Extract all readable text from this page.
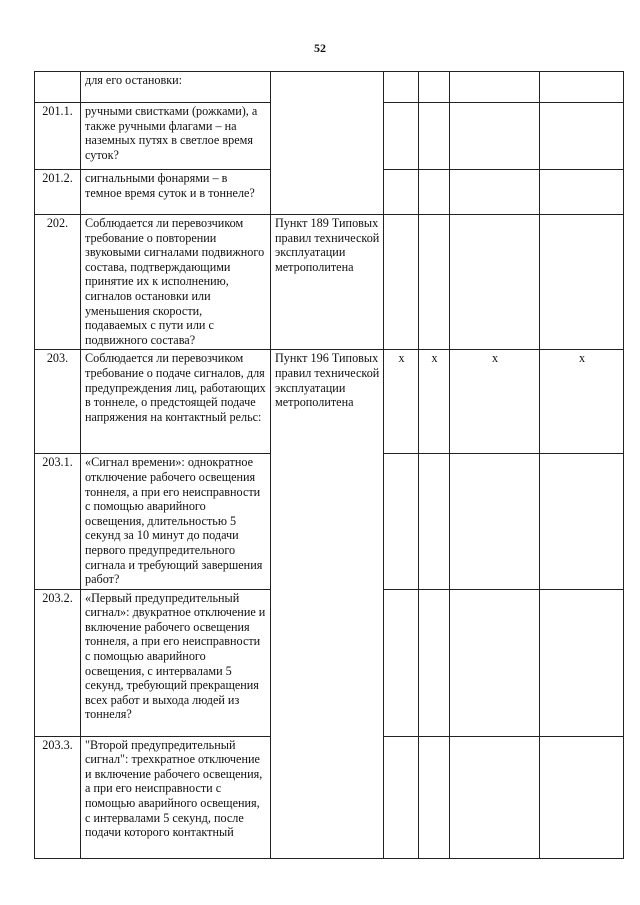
52
	для его остановки:					
201.1.	ручными свистками (рожками), а также ручными флагами – на наземных путях в светлое время суток?					
201.2.	сигнальными фонарями – в темное время суток и в тоннеле?					
202.	Соблюдается ли перевозчиком требование о повторении звуковыми сигналами подвижного состава, подтверждающими принятие их к исполнению, сигналов остановки или уменьшения скорости, подаваемых с пути или с подвижного состава?	Пункт 189 Типовых правил технической эксплуатации метрополитена				
203.	Соблюдается ли перевозчиком требование о подаче сигналов, для предупреждения лиц, работающих в тоннеле, о предстоящей подаче напряжения на контактный рельс:	Пункт 196 Типовых правил технической эксплуатации метрополитена	x	x	x	x
203.1.	«Сигнал времени»: однократное отключение рабочего освещения тоннеля, а при его неисправности с помощью аварийного освещения, длительностью 5 секунд за 10 минут до подачи первого предупредительного сигнала и требующий завершения работ?					
203.2.	«Первый предупредительный сигнал»: двукратное отключение и включение рабочего освещения тоннеля, а при его неисправности с помощью аварийного освещения, с интервалами 5 секунд, требующий прекращения всех работ и выхода людей из тоннеля?					
203.3.	"Второй предупредительный сигнал": трехкратное отключение и включение рабочего освещения, а при его неисправности с помощью аварийного освещения, с интервалами 5 секунд, после подачи которого контактный					
